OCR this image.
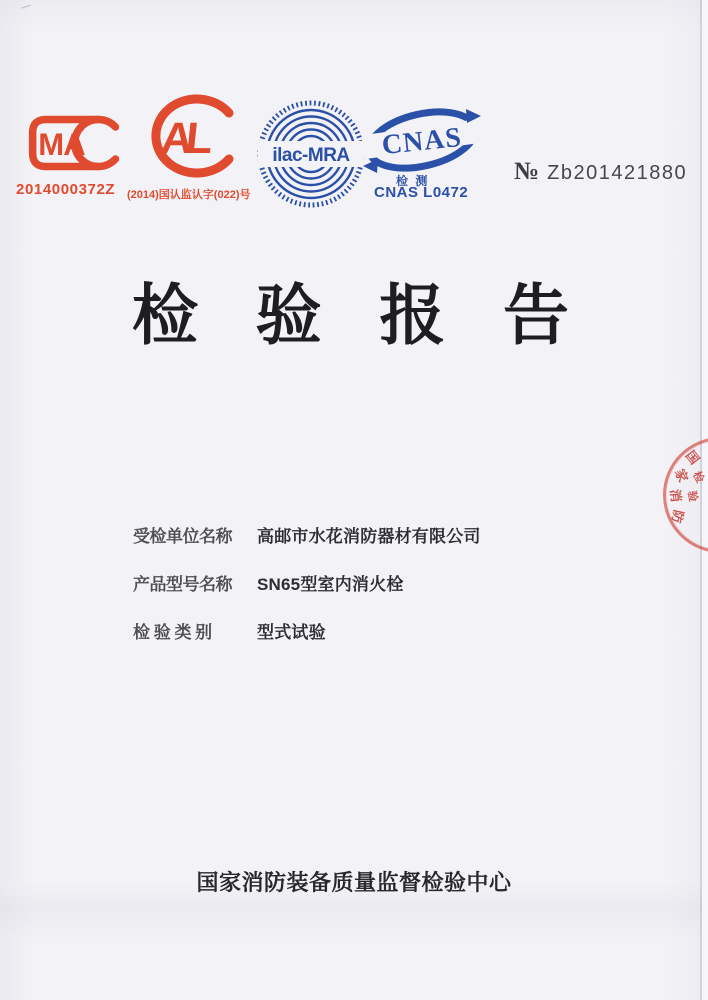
MA
2014000372Z
AL
(2014)国认监认字(022)号
ilac-MRA CNAS
检 测
CNAS L0472
№ Zb201421880
检  验  报  告
受检单位名称	高邮市水花消防器材有限公司
产品型号名称	SN65型室内消火栓
检 验 类 别	型式试验
国
家
消
防
检
验
国家消防装备质量监督检验中心
